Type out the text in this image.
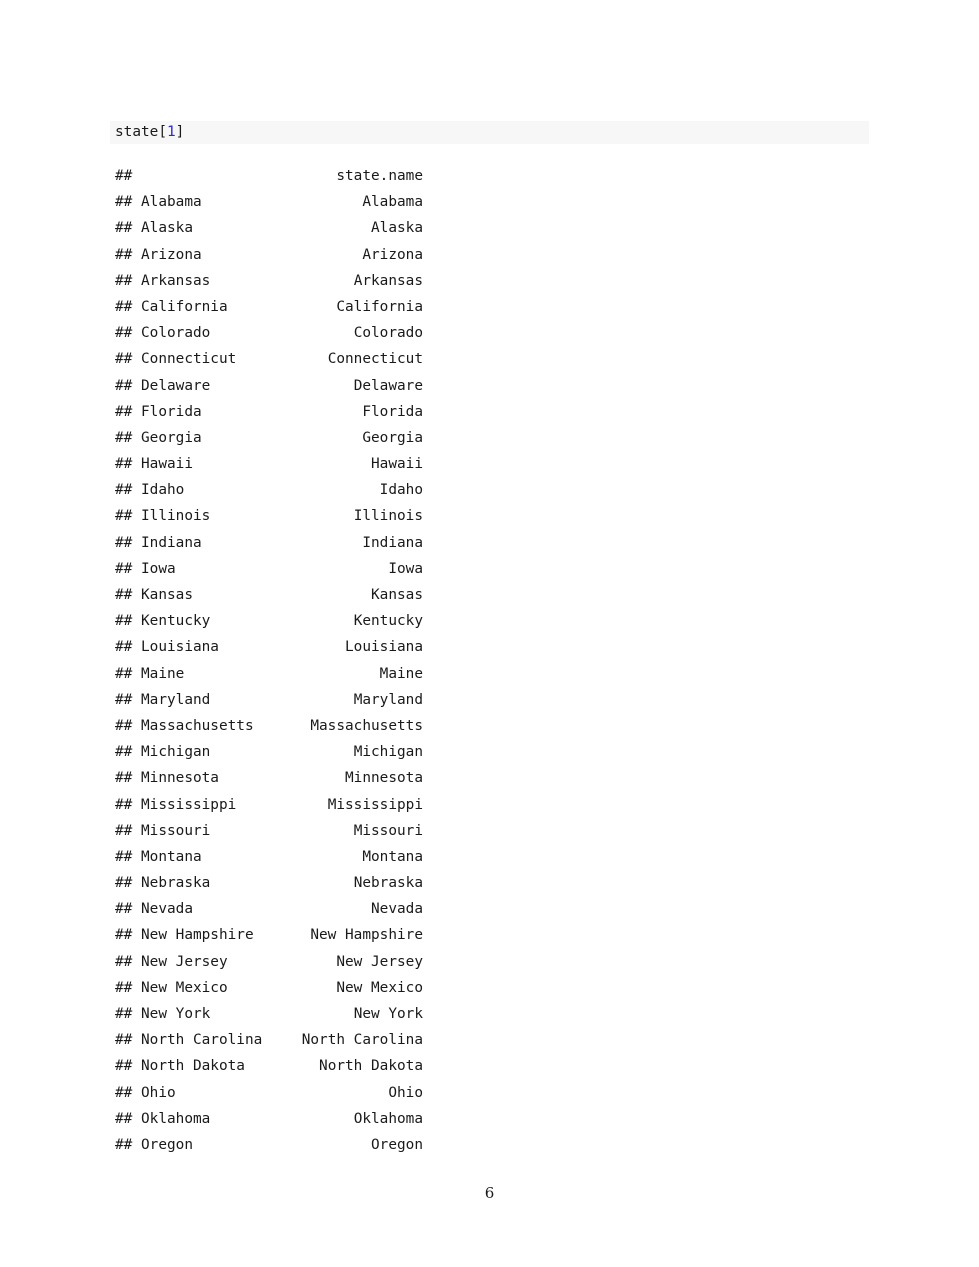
state[1]
##	state.name
## Alabama	Alabama
## Alaska	Alaska
## Arizona	Arizona
## Arkansas	Arkansas
## California	California
## Colorado	Colorado
## Connecticut	Connecticut
## Delaware	Delaware
## Florida	Florida
## Georgia	Georgia
## Hawaii	Hawaii
## Idaho	Idaho
## Illinois	Illinois
## Indiana	Indiana
## Iowa	Iowa
## Kansas	Kansas
## Kentucky	Kentucky
## Louisiana	Louisiana
## Maine	Maine
## Maryland	Maryland
## Massachusetts	Massachusetts
## Michigan	Michigan
## Minnesota	Minnesota
## Mississippi	Mississippi
## Missouri	Missouri
## Montana	Montana
## Nebraska	Nebraska
## Nevada	Nevada
## New Hampshire	New Hampshire
## New Jersey	New Jersey
## New Mexico	New Mexico
## New York	New York
## North Carolina	North Carolina
## North Dakota	North Dakota
## Ohio	Ohio
## Oklahoma	Oklahoma
## Oregon	Oregon
6
